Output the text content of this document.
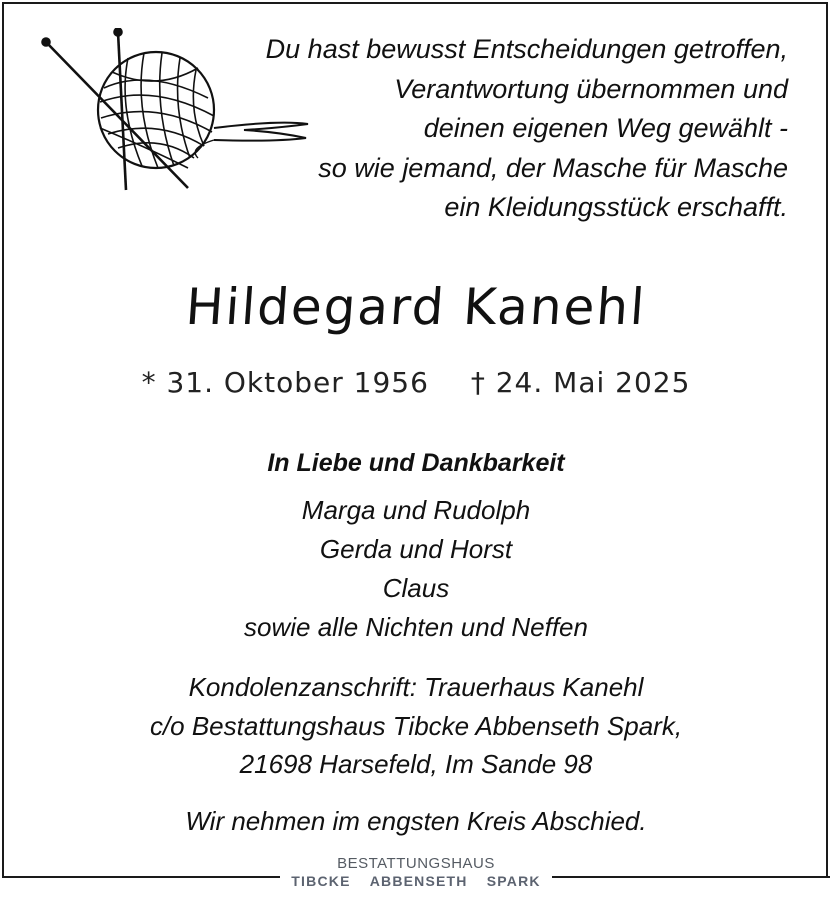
Du hast bewusst Entscheidungen getroffen,
Verantwortung übernommen und
deinen eigenen Weg gewählt -
so wie jemand, der Masche für Masche
ein Kleidungsstück erschafft.
Hildegard Kanehl
* 31. Oktober 1956 † 24. Mai 2025
In Liebe und Dankbarkeit
Marga und Rudolph
Gerda und Horst
Claus
sowie alle Nichten und Neffen
Kondolenzanschrift: Trauerhaus Kanehl
c/o Bestattungshaus Tibcke Abbenseth Spark,
21698 Harsefeld, Im Sande 98
Wir nehmen im engsten Kreis Abschied.
BESTATTUNGSHAUS
TIBCKE ABBENSETH SPARK
